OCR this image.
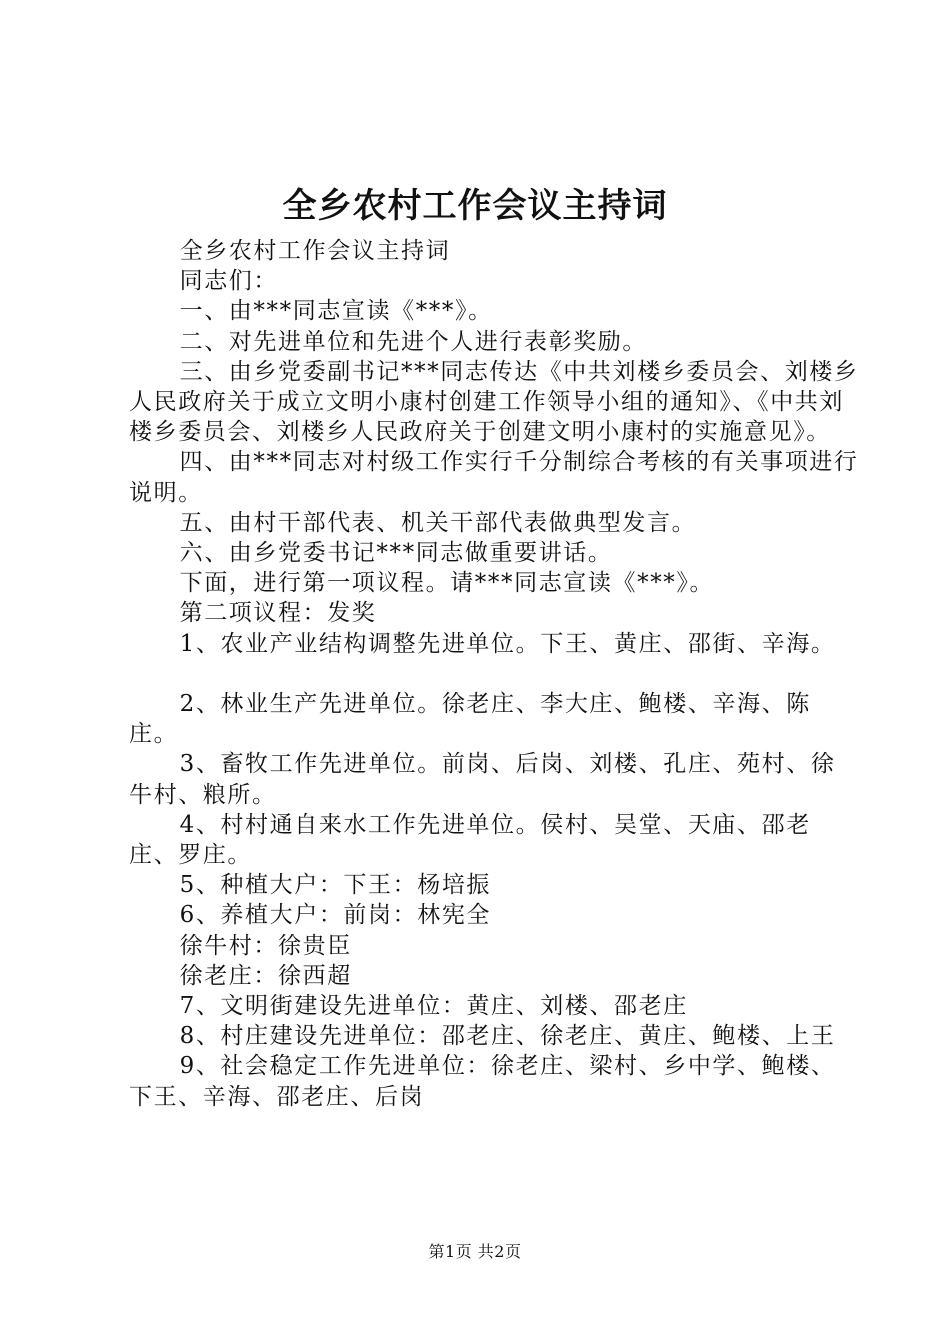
全乡农村工作会议主持词

全乡农村工作会议主持词

同志们：

一、由***同志宣读《***》。

二、对先进单位和先进个人进行表彰奖励。

三、由乡党委副书记***同志传达《中共刘楼乡委员会、刘楼乡人民政府关于成立文明小康村创建工作领导小组的通知》、《中共刘楼乡委员会、刘楼乡人民政府关于创建文明小康村的实施意见》。

四、由***同志对村级工作实行千分制综合考核的有关事项进行说明。

五、由村干部代表、机关干部代表做典型发言。

六、由乡党委书记***同志做重要讲话。

下面，进行第一项议程。请***同志宣读《***》。

第二项议程：发奖

1、农业产业结构调整先进单位。下王、黄庄、邵街、辛海。

2、林业生产先进单位。徐老庄、李大庄、鲍楼、辛海、陈庄。

3、畜牧工作先进单位。前岗、后岗、刘楼、孔庄、苑村、徐牛村、粮所。

4、村村通自来水工作先进单位。侯村、吴堂、天庙、邵老庄、罗庄。

5、种植大户：下王：杨培振

6、养植大户：前岗：林宪全

徐牛村：徐贵臣

徐老庄：徐西超

7、文明街建设先进单位：黄庄、刘楼、邵老庄

8、村庄建设先进单位：邵老庄、徐老庄、黄庄、鲍楼、上王

9、社会稳定工作先进单位：徐老庄、梁村、乡中学、鲍楼、下王、辛海、邵老庄、后岗

第1页 共2页
